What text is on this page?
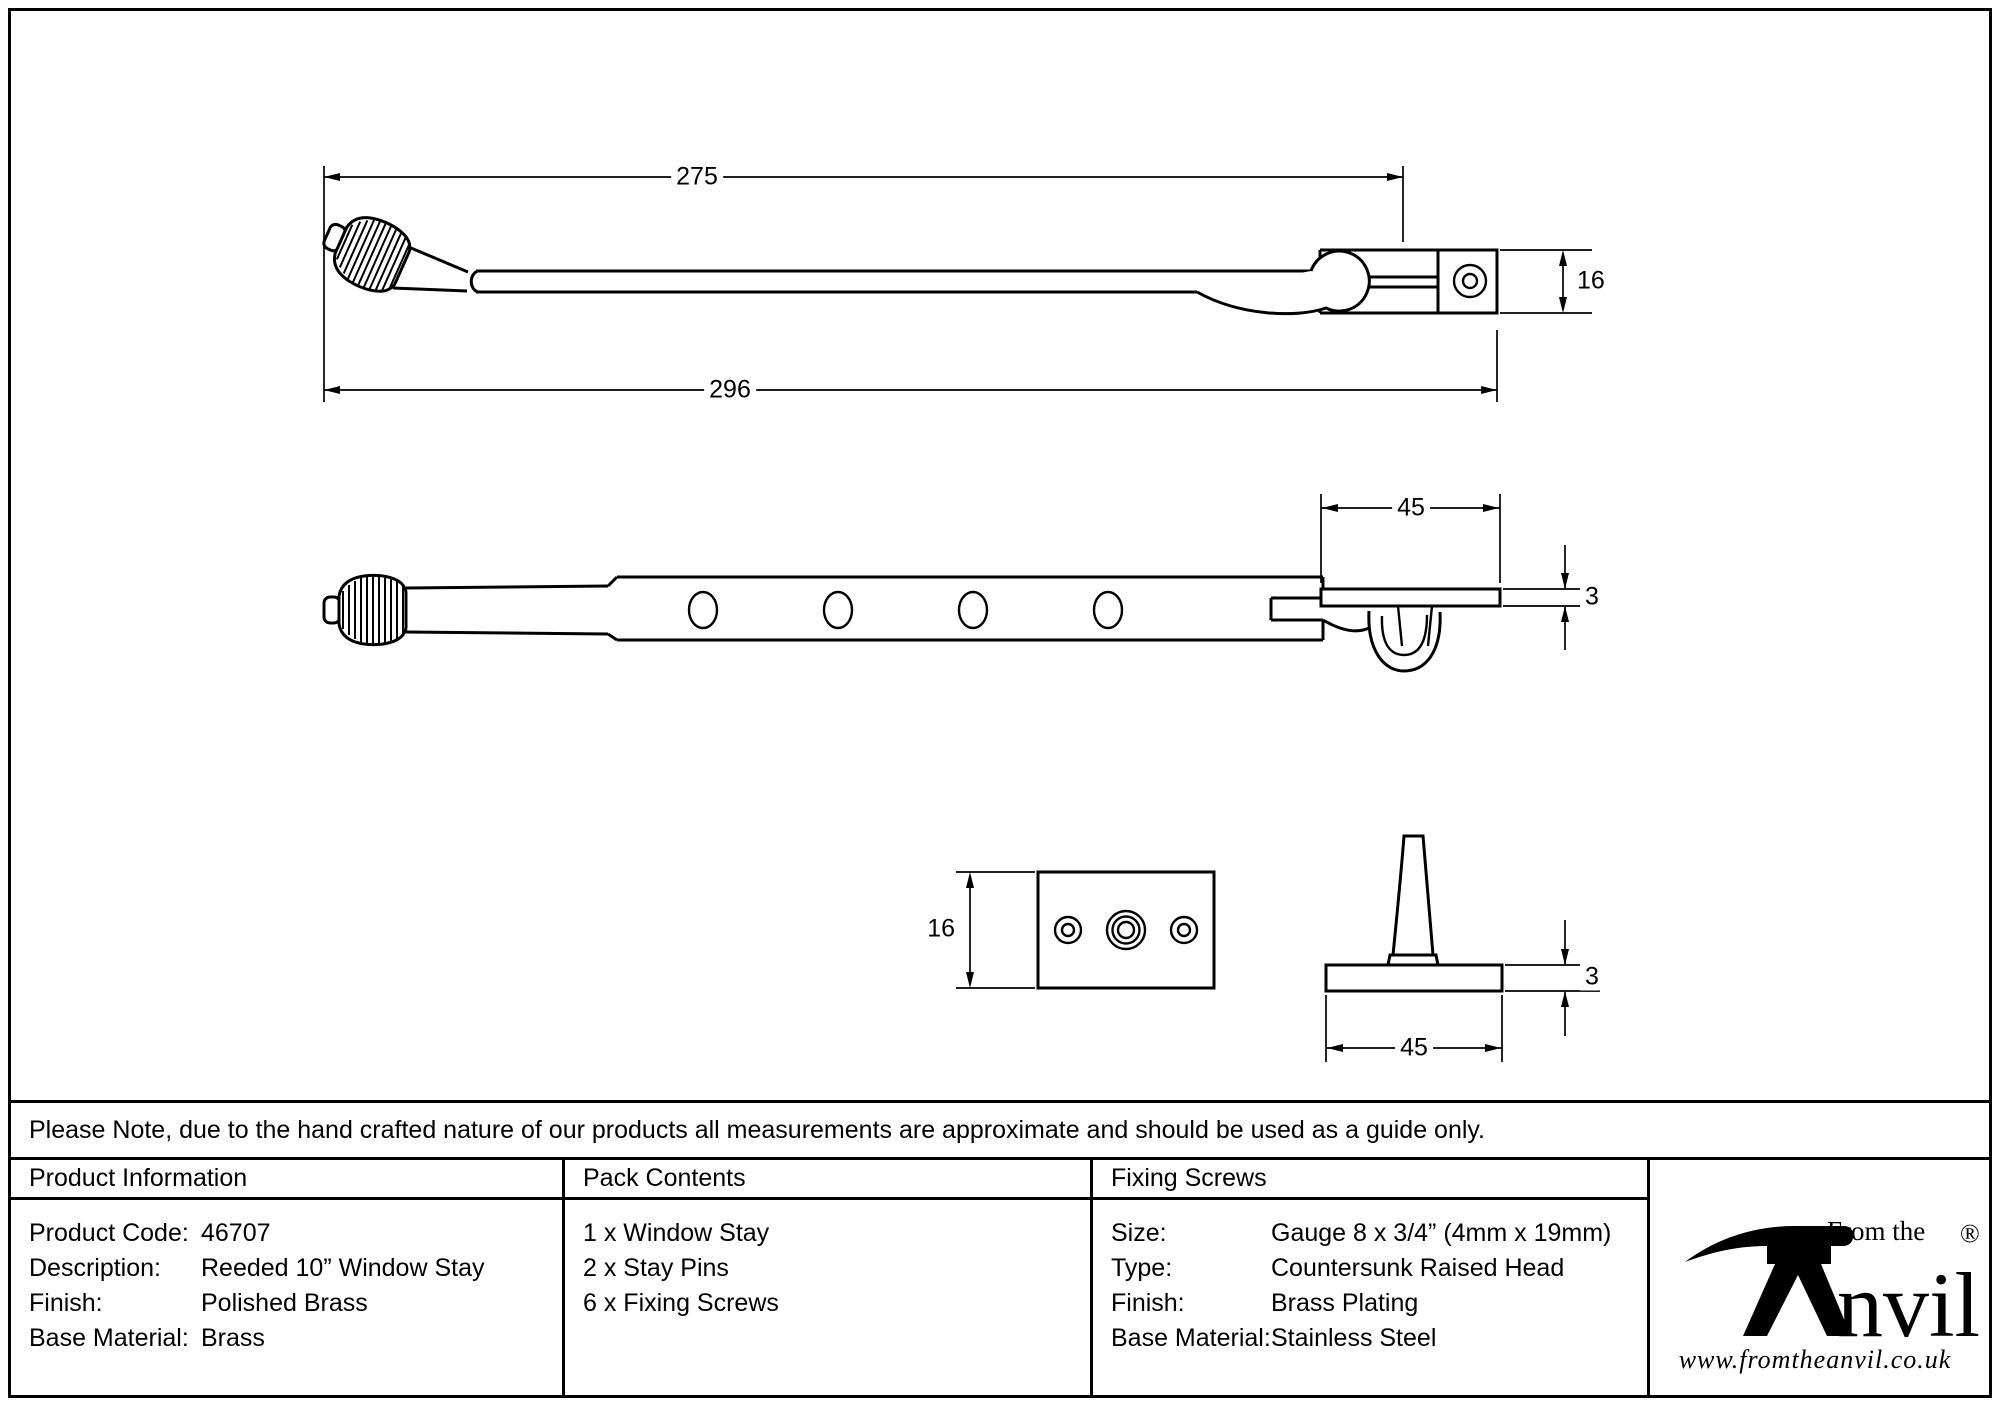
275
296
16
45
3
16
3
45
Please Note, due to the hand crafted nature of our products all measurements are approximate and should be used as a guide only.
Product Information
Product Code: 46707
Description:	Reeded 10” Window Stay
Finish:	Polished Brass
Base Material: Brass
Pack Contents
1 x Window Stay
2 x Stay Pins
6 x Fixing Screws
Fixing Screws
Size:	Gauge 8 x 3/4” (4mm x 19mm)
Type:	Countersunk Raised Head
Finish:	Brass Plating
Base Material: Stainless Steel
From the
nvil
®
www.fromtheanvil.co.uk
